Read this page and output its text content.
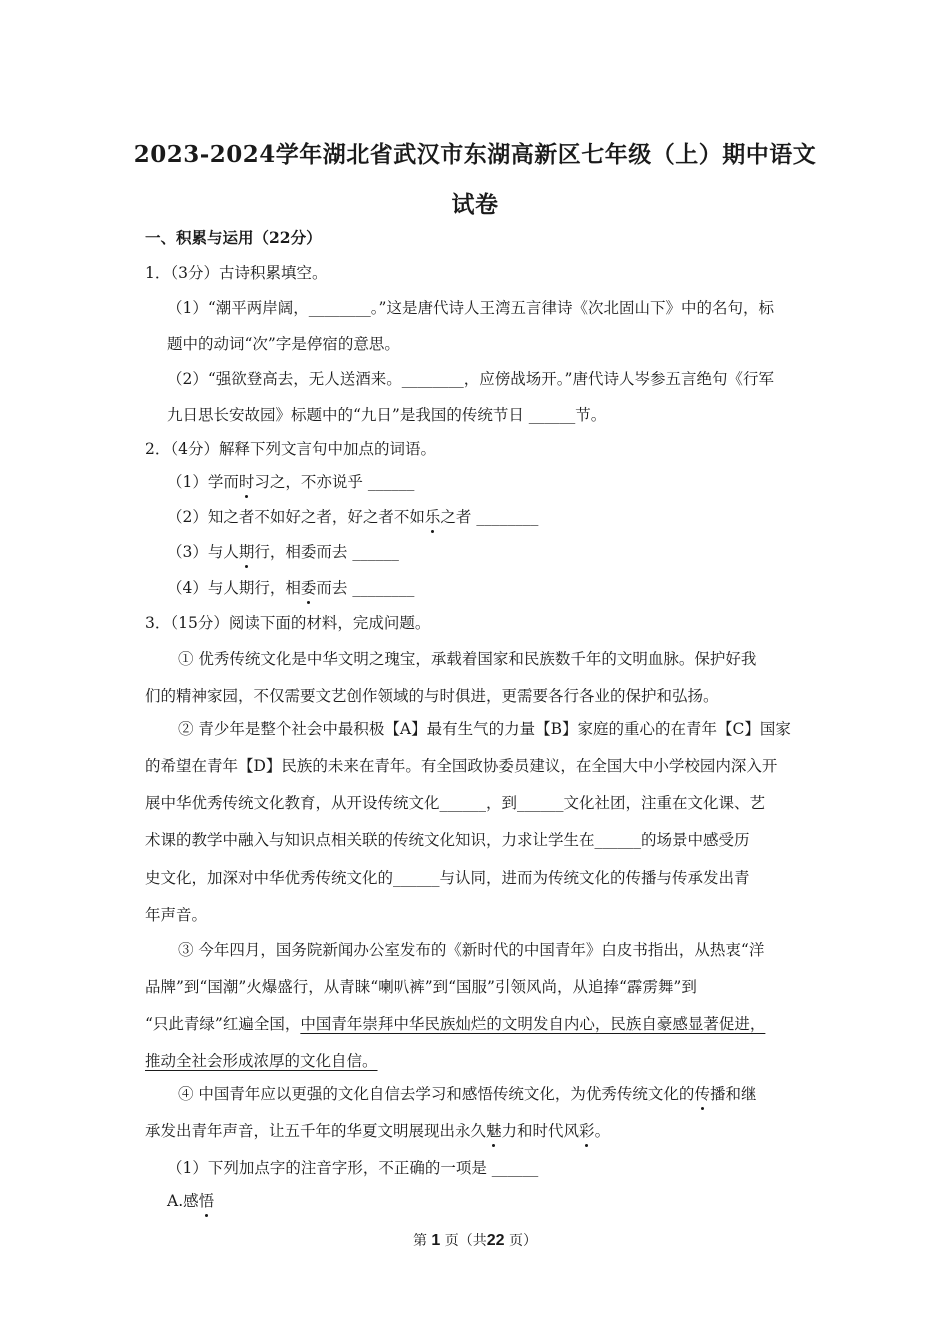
2023-2024学年湖北省武汉市东湖高新区七年级（上）期中语文
试卷
一、积累与运用（22分）
1．（3分）古诗积累填空。
（1）“潮平两岸阔，________。”这是唐代诗人王湾五言律诗《次北固山下》中的名句，标
题中的动词“次”字是停宿的意思。
（2）“强欲登高去，无人送酒来。________，应傍战场开。”唐代诗人岑参五言绝句《行军
九日思长安故园》标题中的“九日”是我国的传统节日 ______节。
2．（4分）解释下列文言句中加点的词语。
（1）学而时习之，不亦说乎 ______
（2）知之者不如好之者，好之者不如乐之者 ________
（3）与人期行，相委而去 ______
（4）与人期行，相委而去 ________
3．（15分）阅读下面的材料，完成问题。
① 优秀传统文化是中华文明之瑰宝，承载着国家和民族数千年的文明血脉。保护好我
们的精神家园，不仅需要文艺创作领域的与时俱进，更需要各行各业的保护和弘扬。
② 青少年是整个社会中最积极【A】最有生气的力量【B】家庭的重心的在青年【C】国家
的希望在青年【D】民族的未来在青年。有全国政协委员建议，在全国大中小学校园内深入开
展中华优秀传统文化教育，从开设传统文化______，到______文化社团，注重在文化课、艺
术课的教学中融入与知识点相关联的传统文化知识，力求让学生在______的场景中感受历
史文化，加深对中华优秀传统文化的______与认同，进而为传统文化的传播与传承发出青
年声音。
③ 今年四月，国务院新闻办公室发布的《新时代的中国青年》白皮书指出，从热衷“洋
品牌”到“国潮”火爆盛行，从青睐“喇叭裤”到“国服”引领风尚，从追捧“霹雳舞”到
“只此青绿”红遍全国，中国青年崇拜中华民族灿烂的文明发自内心，民族自豪感显著促进，
推动全社会形成浓厚的文化自信。
④ 中国青年应以更强的文化自信去学习和感悟传统文化，为优秀传统文化的传播和继
承发出青年声音，让五千年的华夏文明展现出永久魅力和时代风彩。
（1）下列加点字的注音字形，不正确的一项是 ______
A.感悟
第 1 页（共22 页）
